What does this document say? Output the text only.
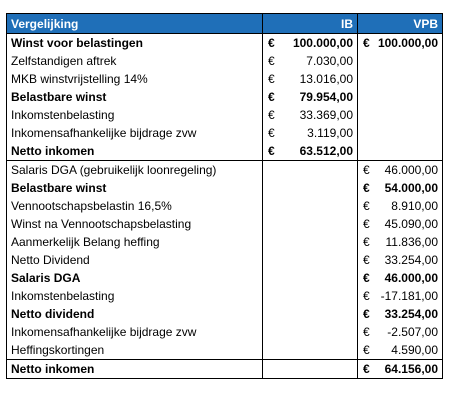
Vergelijking	IB	VPB
Winst voor belastingen	€ 100.000,00	€ 100.000,00

Zelfstandigen aftrek	€ 7.030,00	

MKB winstvrijstelling 14%	€ 13.016,00	

Belastbare winst	€ 79.954,00	

Inkomstenbelasting	€ 33.369,00	

Inkomensafhankelijke bijdrage zvw	€ 3.119,00	

Netto inkomen	€ 63.512,00	

Salaris DGA (gebruikelijk loonregeling)		€ 46.000,00

Belastbare winst		€ 54.000,00

Vennootschapsbelastin 16,5%		€ 8.910,00

Winst na Vennootschapsbelasting		€ 45.090,00

Aanmerkelijk Belang heffing		€ 11.836,00

Netto Dividend		€ 33.254,00

Salaris DGA		€ 46.000,00

Inkomstenbelasting		€ -17.181,00

Netto dividend		€ 33.254,00

Inkomensafhankelijke bijdrage zvw		€ -2.507,00

Heffingskortingen		€ 4.590,00

Netto inkomen		€ 64.156,00
